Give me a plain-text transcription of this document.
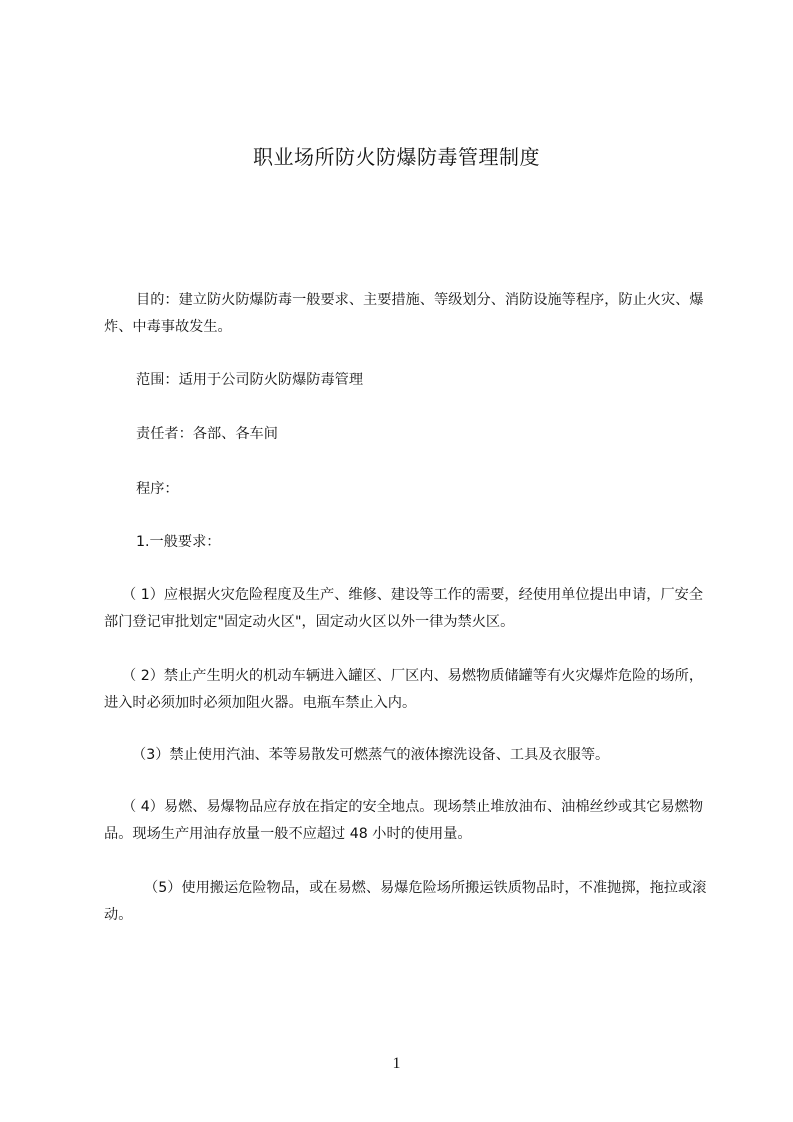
职业场所防火防爆防毒管理制度

目的：建立防火防爆防毒一般要求、主要措施、等级划分、消防设施等程序，防止火灾、爆炸、中毒事故发生。

范围：适用于公司防火防爆防毒管理

责任者：各部、各车间

程序：

1.一般要求：

（ 1）应根据火灾危险程度及生产、维修、建设等工作的需要，经使用单位提出申请，厂安全部门登记审批划定"固定动火区"，固定动火区以外一律为禁火区。

（ 2）禁止产生明火的机动车辆进入罐区、厂区内、易燃物质储罐等有火灾爆炸危险的场所，进入时必须加时必须加阻火器。电瓶车禁止入内。

（3）禁止使用汽油、苯等易散发可燃蒸气的液体擦洗设备、工具及衣服等。

（ 4）易燃、易爆物品应存放在指定的安全地点。现场禁止堆放油布、油棉丝纱或其它易燃物品。现场生产用油存放量一般不应超过 48 小时的使用量。

（5）使用搬运危险物品，或在易燃、易爆危险场所搬运铁质物品时，不准抛掷，拖拉或滚动。

1
